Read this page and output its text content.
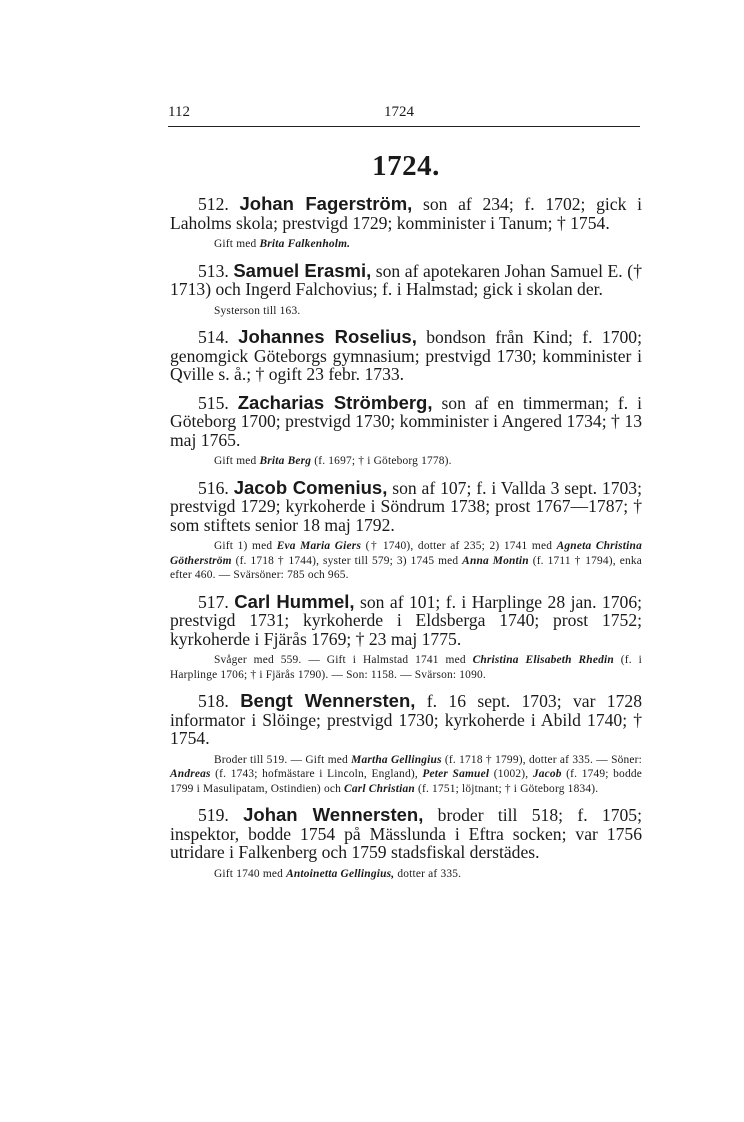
112	1724
1724.

512. Johan Fagerström, son af 234; f. 1702; gick i Laholms skola; prestvigd 1729; komminister i Tanum; † 1754.

Gift med Brita Falkenholm.

513. Samuel Erasmi, son af apotekaren Johan Samuel E. († 1713) och Ingerd Falchovius; f. i Halmstad; gick i skolan der.

Systerson till 163.

514. Johannes Roselius, bondson från Kind; f. 1700; genomgick Göteborgs gymnasium; prestvigd 1730; komminister i Qville s. å.; † ogift 23 febr. 1733.

515. Zacharias Strömberg, son af en timmerman; f. i Göteborg 1700; prestvigd 1730; komminister i Angered 1734; † 13 maj 1765.

Gift med Brita Berg (f. 1697; † i Göteborg 1778).

516. Jacob Comenius, son af 107; f. i Vallda 3 sept. 1703; prestvigd 1729; kyrkoherde i Söndrum 1738; prost 1767—1787; † som stiftets senior 18 maj 1792.

Gift 1) med Eva Maria Giers († 1740), dotter af 235; 2) 1741 med Agneta Christina Götherström (f. 1718 † 1744), syster till 579; 3) 1745 med Anna Montin (f. 1711 † 1794), enka efter 460. — Svärsöner: 785 och 965.

517. Carl Hummel, son af 101; f. i Harplinge 28 jan. 1706; prestvigd 1731; kyrkoherde i Eldsberga 1740; prost 1752; kyrkoherde i Fjärås 1769; † 23 maj 1775.

Svåger med 559. — Gift i Halmstad 1741 med Christina Elisabeth Rhedin (f. i Harplinge 1706; † i Fjärås 1790). — Son: 1158. — Svärson: 1090.

518. Bengt Wennersten, f. 16 sept. 1703; var 1728 informator i Slöinge; prestvigd 1730; kyrkoherde i Abild 1740; † 1754.

Broder till 519. — Gift med Martha Gellingius (f. 1718 † 1799), dotter af 335. — Söner: Andreas (f. 1743; hofmästare i Lincoln, England), Peter Samuel (1002), Jacob (f. 1749; bodde 1799 i Masulipatam, Ostindien) och Carl Christian (f. 1751; löjtnant; † i Göteborg 1834).

519. Johan Wennersten, broder till 518; f. 1705; inspektor, bodde 1754 på Mässlunda i Eftra socken; var 1756 utridare i Falkenberg och 1759 stadsfiskal derstädes.

Gift 1740 med Antoinetta Gellingius, dotter af 335.
